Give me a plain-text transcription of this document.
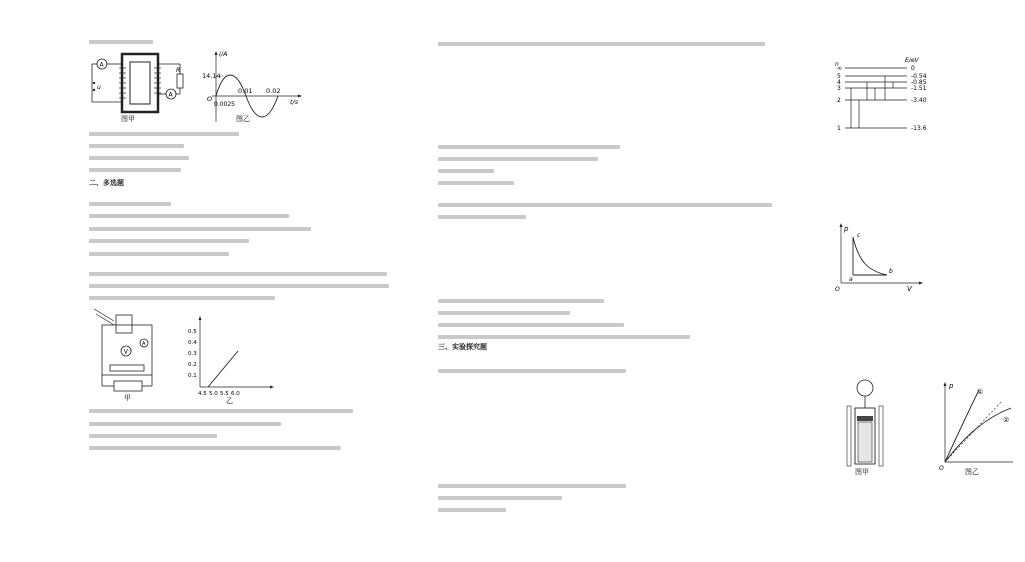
A
u
R
A
i/A
14.14
O
0.0025
0.01 0.02
t/s
图甲	图乙
二、多选题
V
A
甲
0.5
0.4
0.3
0.2
0.1
4.5 5.0 5.5 6.0
乙
n
E/eV
∞
5
4
3
2
1
0
-0.54
-0.85
-1.51
-3.40
-13.6
p
V
O
a
b
c
三、实验探究题
图甲
p
O
①
②
图乙
